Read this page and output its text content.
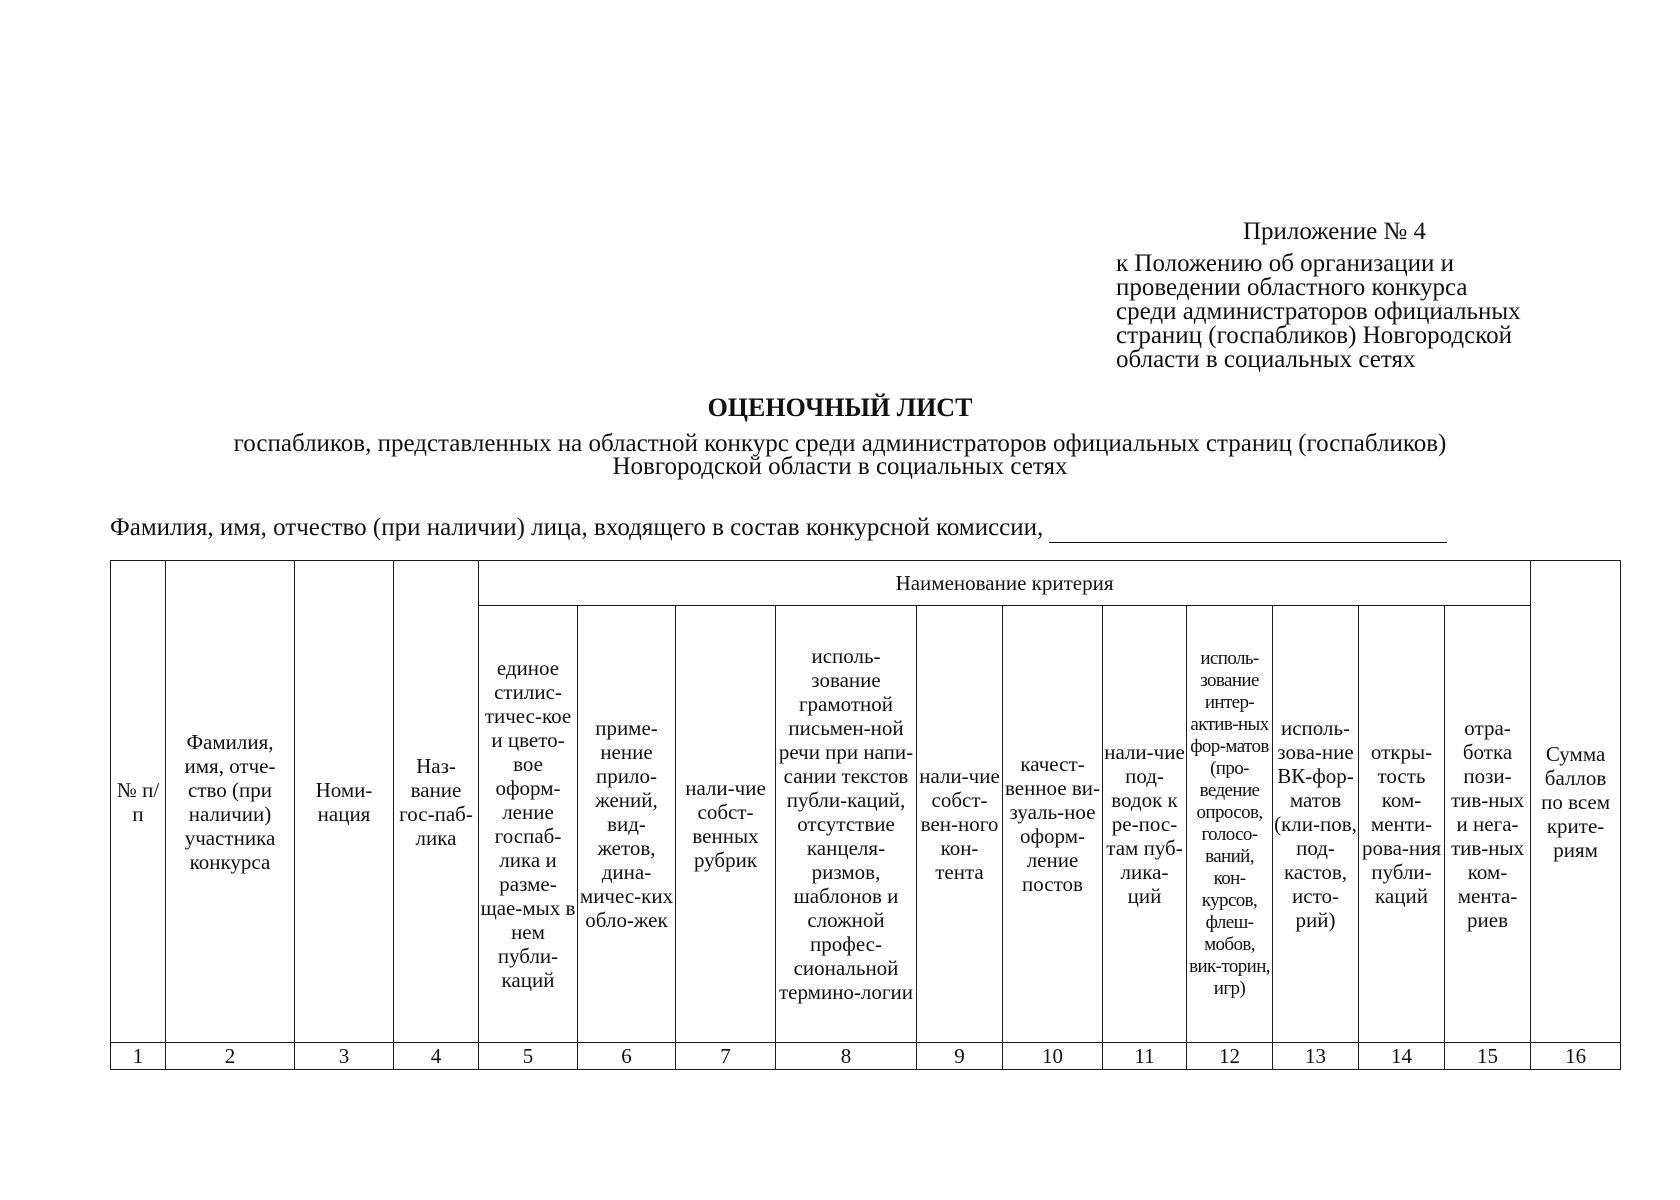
Приложение № 4
к Положению об организации и
проведении областного конкурса
среди администраторов официальных
страниц (госпабликов) Новгородской
области в социальных сетях
ОЦЕНОЧНЫЙ ЛИСТ
госпабликов, представленных на областной конкурс среди администраторов официальных страниц (госпабликов)
Новгородской области в социальных сетях
Фамилия, имя, отчество (при наличии) лица, входящего в состав конкурсной комиссии,
№ п/п	Фамилия, имя, отче-ство (при наличии) участника конкурса	Номи-нация	Наз-вание гос-паб-лика	Наименование критерия											Сумма баллов по всем крите-риям
				единое стилис-тичес-кое и цвето-вое оформ-ление госпаб-лика и разме-щае-мых в нем публи-каций	приме-нение прило-жений, вид-жетов, дина-мичес-ких обло-жек	нали-чие собст-венных рубрик	исполь-зование грамотной письмен-ной речи при напи-сании текстов публи-каций, отсутствие канцеля-ризмов, шаблонов и сложной профес-сиональной термино-логии	нали-чие собст-вен-ного кон-тента	качест-венное ви-зуаль-ное оформ-ление постов	нали-чие под-водок к ре-пос-там пуб-лика-ций	исполь-зование интер-актив-ных фор-матов (про-ведение опросов, голосо-ваний, кон-курсов, флеш-мобов, вик-торин, игр)	исполь-зова-ние ВК-фор-матов (кли-пов, под-кастов, исто-рий)	откры-тость ком-менти-рова-ния публи-каций	отра-ботка пози-тив-ных и нега-тив-ных ком-мента-риев	
1	2	3	4	5	6	7	8	9	10	11	12	13	14	15	16
